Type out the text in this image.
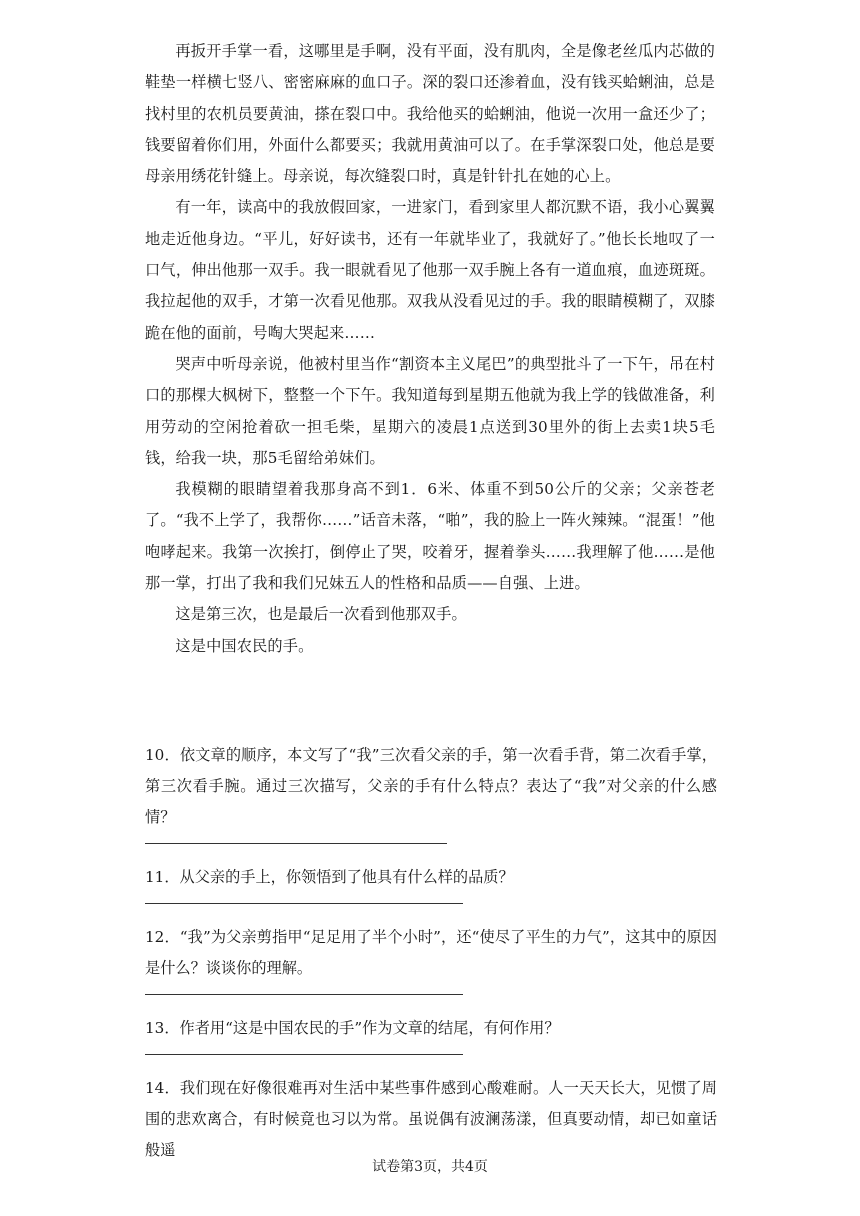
再扳开手掌一看，这哪里是手啊，没有平面，没有肌肉，全是像老丝瓜内芯做的鞋垫一样横七竖八、密密麻麻的血口子。深的裂口还渗着血，没有钱买蛤蜊油，总是找村里的农机员要黄油，搽在裂口中。我给他买的蛤蜊油，他说一次用一盒还少了；钱要留着你们用，外面什么都要买；我就用黄油可以了。在手掌深裂口处，他总是要母亲用绣花针缝上。母亲说，每次缝裂口时，真是针针扎在她的心上。

有一年，读高中的我放假回家，一进家门，看到家里人都沉默不语，我小心翼翼地走近他身边。“平儿，好好读书，还有一年就毕业了，我就好了。”他长长地叹了一口气，伸出他那一双手。我一眼就看见了他那一双手腕上各有一道血痕，血迹斑斑。我拉起他的双手，才第一次看见他那。双我从没看见过的手。我的眼睛模糊了，双膝跪在他的面前，号啕大哭起来……

哭声中听母亲说，他被村里当作“割资本主义尾巴”的典型批斗了一下午，吊在村口的那棵大枫树下，整整一个下午。我知道每到星期五他就为我上学的钱做准备，利用劳动的空闲抢着砍一担毛柴，星期六的凌晨1点送到30里外的街上去卖1块5毛钱，给我一块，那5毛留给弟妹们。

我模糊的眼睛望着我那身高不到1．6米、体重不到50公斤的父亲；父亲苍老了。“我不上学了，我帮你……”话音未落，“啪”，我的脸上一阵火辣辣。“混蛋！”他咆哮起来。我第一次挨打，倒停止了哭，咬着牙，握着拳头……我理解了他……是他那一掌，打出了我和我们兄妹五人的性格和品质——自强、上进。

这是第三次，也是最后一次看到他那双手。

这是中国农民的手。

10．依文章的顺序，本文写了“我”三次看父亲的手，第一次看手背，第二次看手掌，第三次看手腕。通过三次描写，父亲的手有什么特点？表达了“我”对父亲的什么感情？

11．从父亲的手上，你领悟到了他具有什么样的品质？

12．“我”为父亲剪指甲“足足用了半个小时”，还“使尽了平生的力气”，这其中的原因是什么？谈谈你的理解。

13．作者用“这是中国农民的手”作为文章的结尾，有何作用？

14．我们现在好像很难再对生活中某些事件感到心酸难耐。人一天天长大，见惯了周围的悲欢离合，有时候竟也习以为常。虽说偶有波澜荡漾，但真要动情，却已如童话般遥

试卷第3页，共4页
